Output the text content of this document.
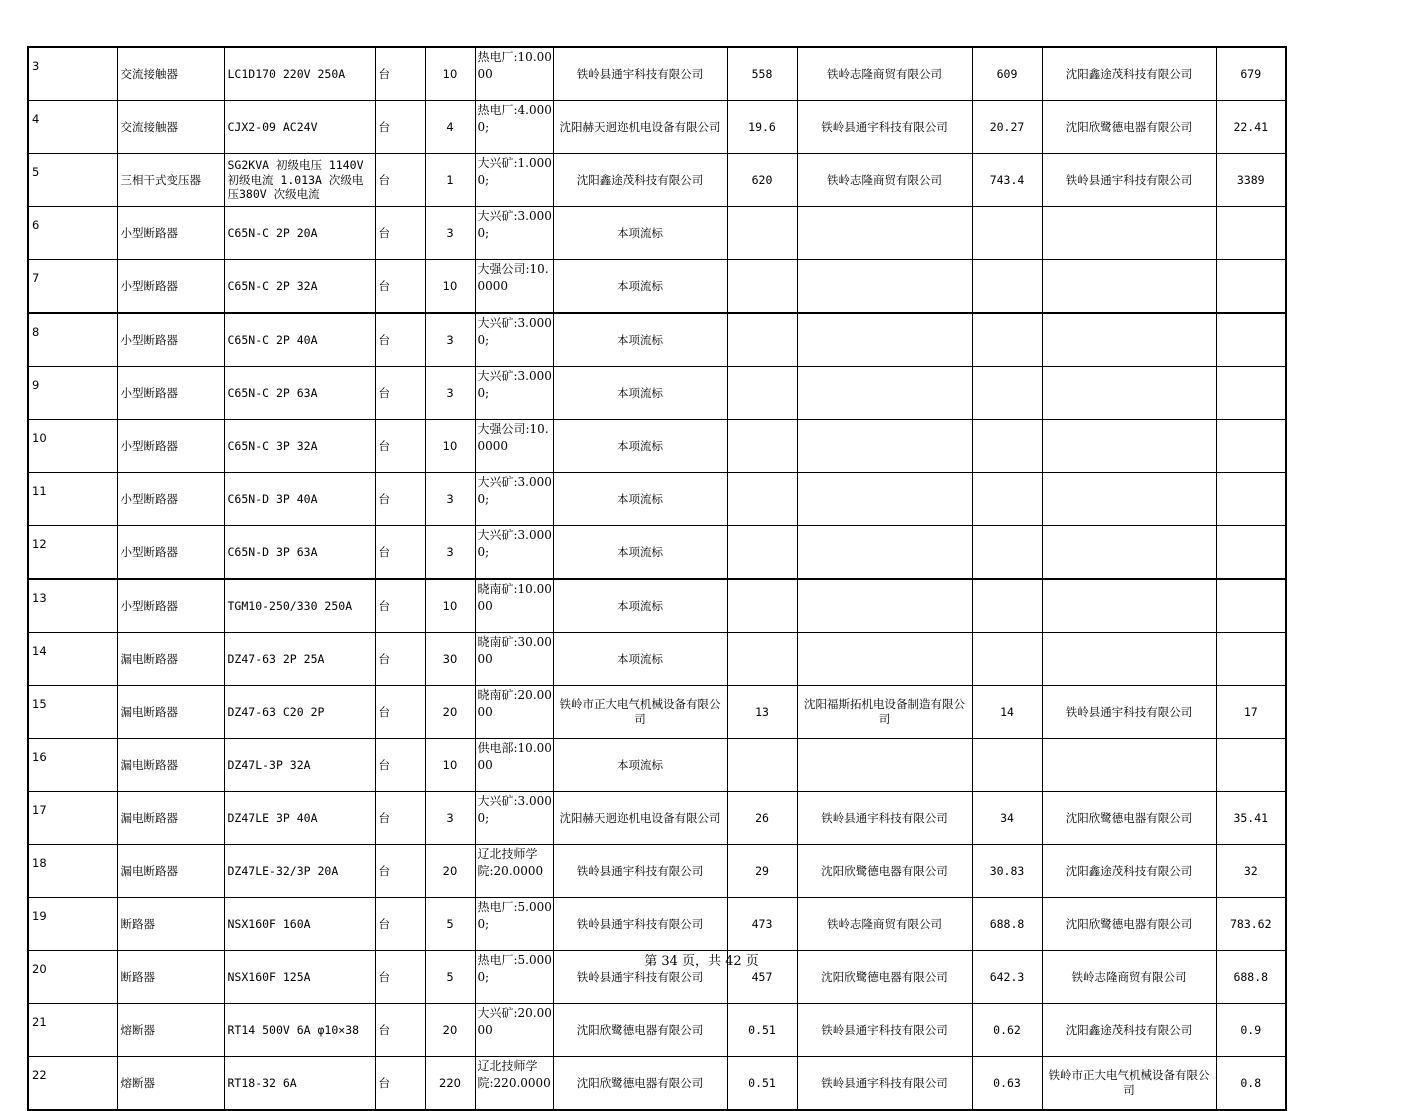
3	交流接触器	LC1D170 220V 250A	台	10	热电厂:10.0000	铁岭县通宇科技有限公司	558	铁岭志隆商贸有限公司	609	沈阳鑫途茂科技有限公司	679
4	交流接触器	CJX2-09 AC24V	台	4	热电厂:4.0000;	沈阳赫天迥迩机电设备有限公司	19.6	铁岭县通宇科技有限公司	20.27	沈阳欣鹭德电器有限公司	22.41
5	三相干式变压器	SG2KVA 初级电压 1140V 初级电流 1.013A 次级电压380V 次级电流	台	1	大兴矿:1.0000;	沈阳鑫途茂科技有限公司	620	铁岭志隆商贸有限公司	743.4	铁岭县通宇科技有限公司	3389
6	小型断路器	C65N-C 2P 20A	台	3	大兴矿:3.0000;	本项流标					
7	小型断路器	C65N-C 2P 32A	台	10	大强公司:10.0000	本项流标					
8	小型断路器	C65N-C 2P 40A	台	3	大兴矿:3.0000;	本项流标					
9	小型断路器	C65N-C 2P 63A	台	3	大兴矿:3.0000;	本项流标					
10	小型断路器	C65N-C 3P 32A	台	10	大强公司:10.0000	本项流标					
11	小型断路器	C65N-D 3P 40A	台	3	大兴矿:3.0000;	本项流标					
12	小型断路器	C65N-D 3P 63A	台	3	大兴矿:3.0000;	本项流标					
13	小型断路器	TGM10-250/330 250A	台	10	晓南矿:10.0000	本项流标					
14	漏电断路器	DZ47-63 2P 25A	台	30	晓南矿:30.0000	本项流标					
15	漏电断路器	DZ47-63 C20 2P	台	20	晓南矿:20.0000	铁岭市正大电气机械设备有限公司	13	沈阳福斯拓机电设备制造有限公司	14	铁岭县通宇科技有限公司	17
16	漏电断路器	DZ47L-3P 32A	台	10	供电部:10.0000	本项流标					
17	漏电断路器	DZ47LE 3P 40A	台	3	大兴矿:3.0000;	沈阳赫天迥迩机电设备有限公司	26	铁岭县通宇科技有限公司	34	沈阳欣鹭德电器有限公司	35.41
18	漏电断路器	DZ47LE-32/3P 20A	台	20	辽北技师学院:20.0000	铁岭县通宇科技有限公司	29	沈阳欣鹭德电器有限公司	30.83	沈阳鑫途茂科技有限公司	32
19	断路器	NSX160F 160A	台	5	热电厂:5.0000;	铁岭县通宇科技有限公司	473	铁岭志隆商贸有限公司	688.8	沈阳欣鹭德电器有限公司	783.62
20	断路器	NSX160F 125A	台	5	热电厂:5.0000;	铁岭县通宇科技有限公司	457	沈阳欣鹭德电器有限公司	642.3	铁岭志隆商贸有限公司	688.8
21	熔断器	RT14 500V 6A φ10×38	台	20	大兴矿:20.0000	沈阳欣鹭德电器有限公司	0.51	铁岭县通宇科技有限公司	0.62	沈阳鑫途茂科技有限公司	0.9
22	熔断器	RT18-32 6A	台	220	辽北技师学院:220.0000	沈阳欣鹭德电器有限公司	0.51	铁岭县通宇科技有限公司	0.63	铁岭市正大电气机械设备有限公司	0.8
第 34 页，共 42 页
